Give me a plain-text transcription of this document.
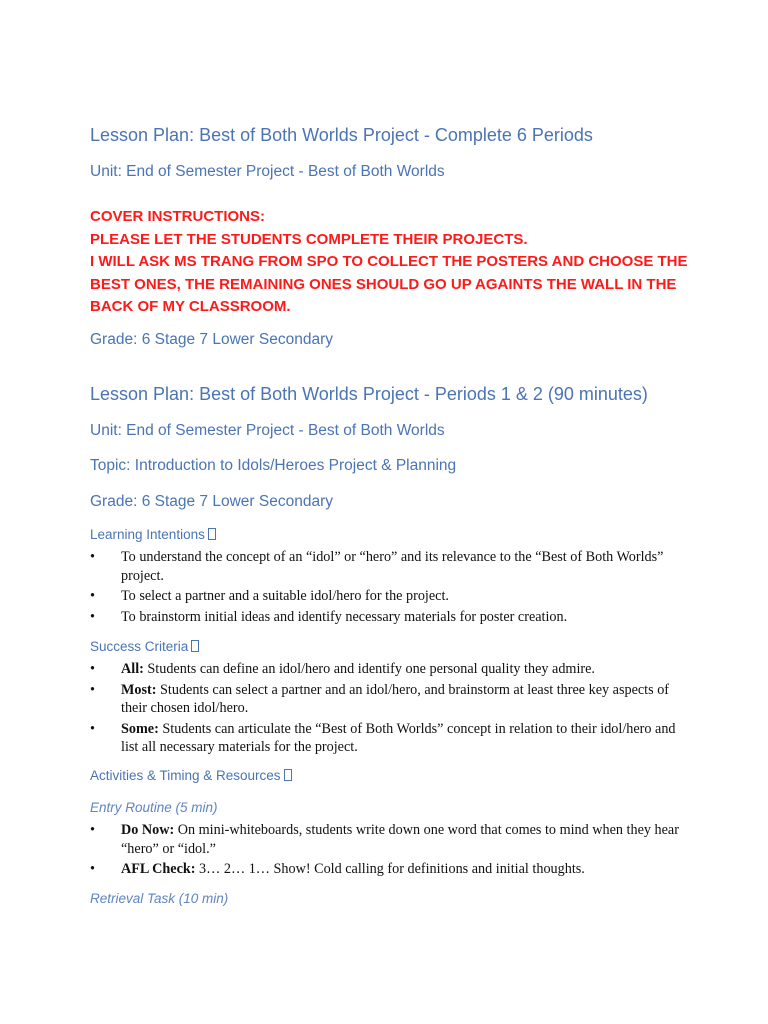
Lesson Plan: Best of Both Worlds Project - Complete 6 Periods
Unit: End of Semester Project - Best of Both Worlds
COVER INSTRUCTIONS:
PLEASE LET THE STUDENTS COMPLETE THEIR PROJECTS.
I WILL ASK MS TRANG FROM SPO TO COLLECT THE POSTERS AND CHOOSE THE BEST ONES, THE REMAINING ONES SHOULD GO UP AGAINTS THE WALL IN THE BACK OF MY CLASSROOM.
Grade: 6 Stage 7 Lower Secondary
Lesson Plan: Best of Both Worlds Project - Periods 1 & 2 (90 minutes)
Unit: End of Semester Project - Best of Both Worlds
Topic: Introduction to Idols/Heroes Project & Planning
Grade: 6 Stage 7 Lower Secondary
Learning Intentions
• To understand the concept of an “idol” or “hero” and its relevance to the “Best of Both Worlds” project.
• To select a partner and a suitable idol/hero for the project.
• To brainstorm initial ideas and identify necessary materials for poster creation.
Success Criteria
• All: Students can define an idol/hero and identify one personal quality they admire.
• Most: Students can select a partner and an idol/hero, and brainstorm at least three key aspects of their chosen idol/hero.
• Some: Students can articulate the “Best of Both Worlds” concept in relation to their idol/hero and list all necessary materials for the project.
Activities & Timing & Resources
Entry Routine (5 min)
• Do Now: On mini-whiteboards, students write down one word that comes to mind when they hear “hero” or “idol.”
• AFL Check: 3… 2… 1… Show! Cold calling for definitions and initial thoughts.
Retrieval Task (10 min)
